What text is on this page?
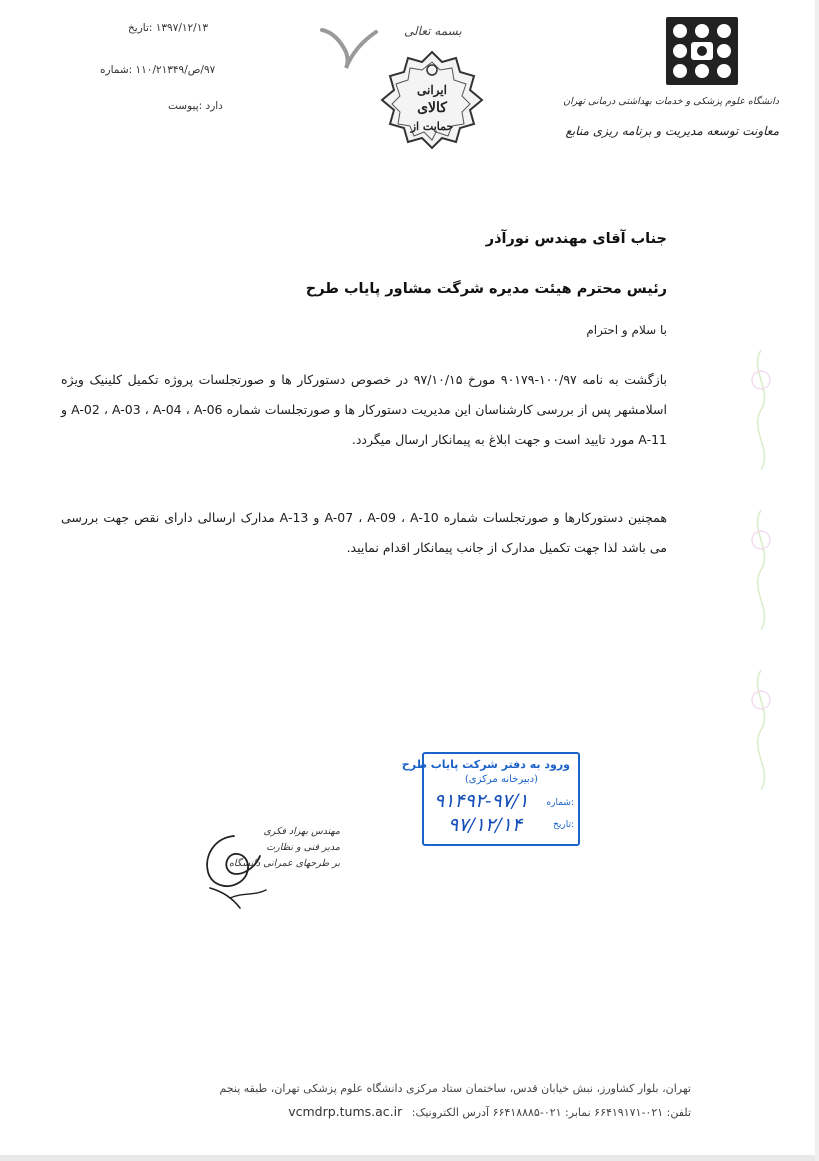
دانشگاه علوم پزشکی و خدمات بهداشتی درمانی تهران
معاونت توسعه مدیریت و برنامه ریزی منابع
بسمه تعالی
ایرانی
کالای
حمایت از
۱۳۹۷/۱۲/۱۳ :تاریخ
۹۷/ص/۱۱۰/۲۱۳۴۹ :شماره
دارد :پیوست
جناب آقای مهندس نورآذر
رئیس محترم هیئت مدیره شرگت مشاور پایاب طرح
با سلام و احترام
بازگشت به نامه ۱۰۰/۹۷-۹۰۱۷۹ مورخ ۹۷/۱۰/۱۵ در خصوص دستورکار ها و صورتجلسات پروژه تکمیل کلینیک ویژه اسلامشهر پس از بررسی کارشناسان این مدیریت دستورکار ها و صورتجلسات شماره A-02 ، A-03 ، A-04 ، A-06 و A-11 مورد تایید است و جهت ابلاغ به پیمانکار ارسال میگردد.
همچنین دستورکارها و صورتجلسات شماره A-07 ، A-09 ، A-10 و A-13 مدارک ارسالی دارای نقص جهت بررسی می باشد لذا جهت تکمیل مدارک از جانب پیمانکار اقدام نمایید.
ورود به دفتر شرکت پایاب طرح
(دبیرخانه مرکزی)
:شماره
:تاریخ
۹۱۴۹۲-۹۷/۱
۹۷/۱۲/۱۴
مهندس بهزاد فکری
مدیر فنی و نظارت
بر طرحهای عمرانی دانشگاه
تهران، بلوار کشاورز، نبش خیابان قدس، ساختمان ستاد مرکزی دانشگاه علوم پزشکی تهران، طبقه پنجم
تلفن: ۰۲۱-۶۶۴۱۹۱۷۱ نمابر: ۰۲۱-۶۶۴۱۸۸۸۵ آدرس الکترونیک: vcmdrp.tums.ac.ir
